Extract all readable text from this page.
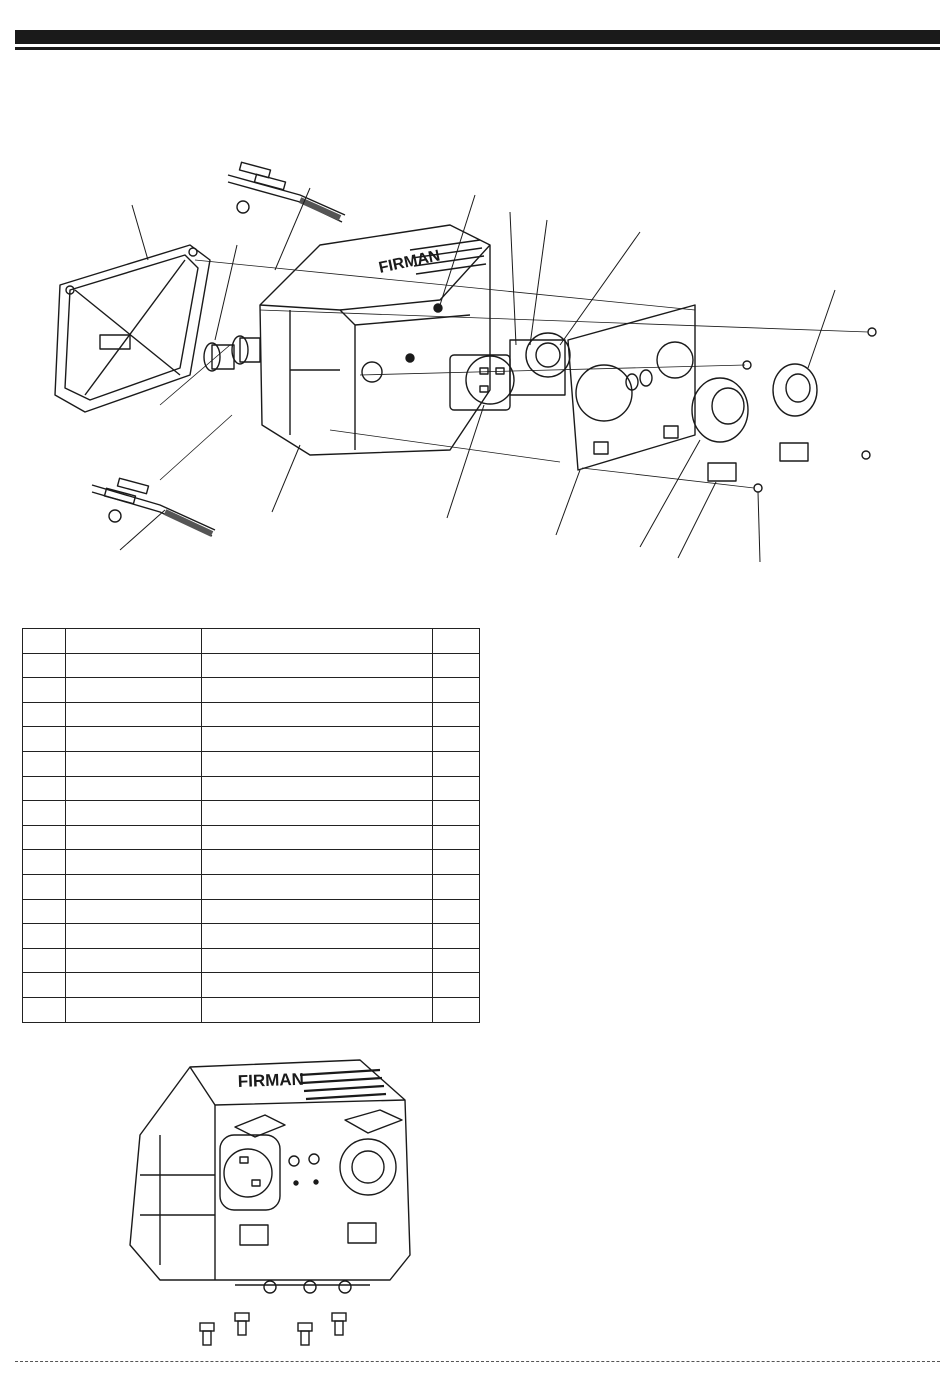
FIRMAN

FIRMAN
